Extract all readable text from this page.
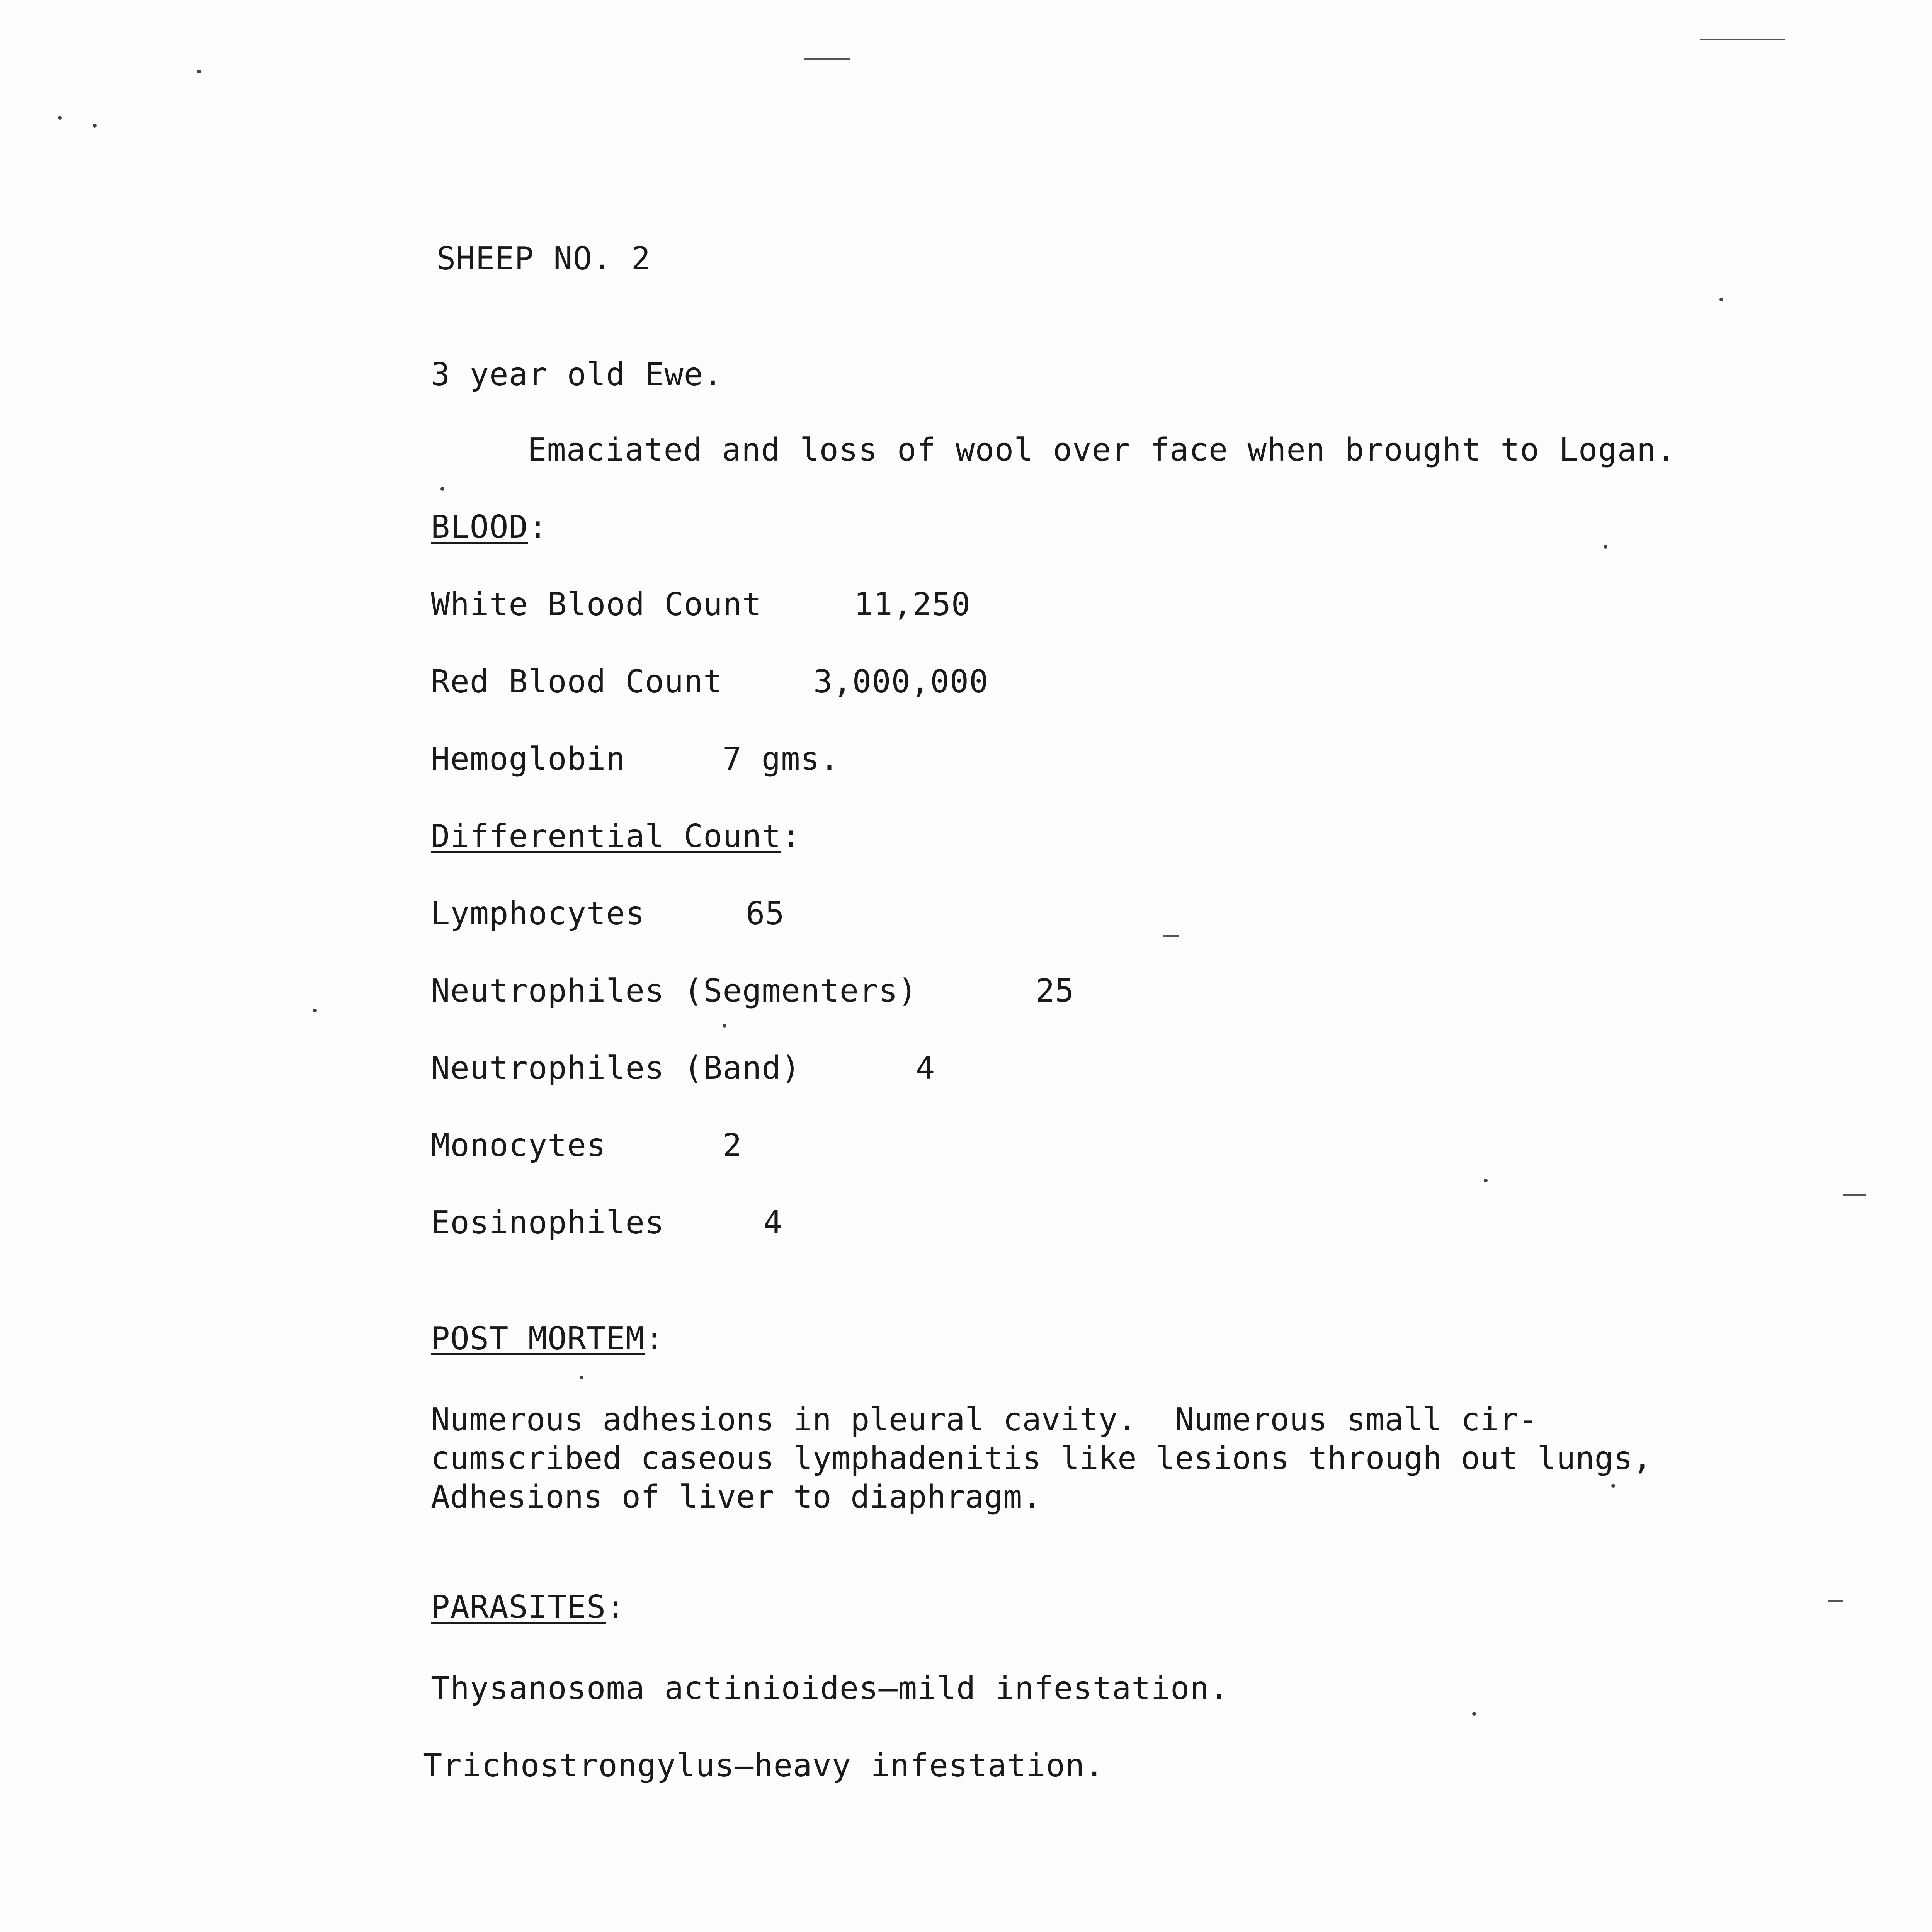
SHEEP NO. 2
3 year old Ewe.
Emaciated and loss of wool over face when brought to Logan.
BLOOD:
White Blood Count	11,250
Red Blood Count	3,000,000
Hemoglobin	7 gms.
Differential Count:
Lymphocytes	65
Neutrophiles (Segmenters)	25
Neutrophiles (Band)	4
Monocytes	2
Eosinophiles	4
POST MORTEM:
Numerous adhesions in pleural cavity.  Numerous small cir-
cumscribed caseous lymphadenitis like lesions through out lungs,
Adhesions of liver to diaphragm.
PARASITES:
Thysanosoma actinioides—mild infestation.
Trichostrongylus—heavy infestation.
